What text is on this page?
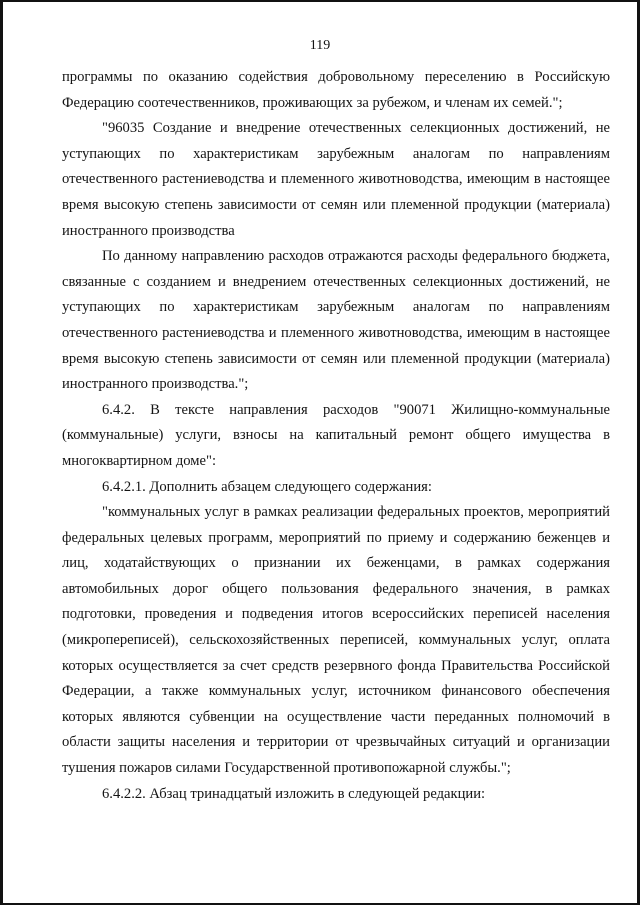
119

программы по оказанию содействия добровольному переселению в Российскую Федерацию соотечественников, проживающих за рубежом, и членам их семей.";

"96035 Создание и внедрение отечественных селекционных достижений, не уступающих по характеристикам зарубежным аналогам по направлениям отечественного растениеводства и племенного животноводства, имеющим в настоящее время высокую степень зависимости от семян или племенной продукции (материала) иностранного производства

По данному направлению расходов отражаются расходы федерального бюджета, связанные с созданием и внедрением отечественных селекционных достижений, не уступающих по характеристикам зарубежным аналогам по направлениям отечественного растениеводства и племенного животноводства, имеющим в настоящее время высокую степень зависимости от семян или племенной продукции (материала) иностранного производства.";

6.4.2. В тексте направления расходов "90071 Жилищно-коммунальные (коммунальные) услуги, взносы на капитальный ремонт общего имущества в многоквартирном доме":

6.4.2.1. Дополнить абзацем следующего содержания:

"коммунальных услуг в рамках реализации федеральных проектов, мероприятий федеральных целевых программ, мероприятий по приему и содержанию беженцев и лиц, ходатайствующих о признании их беженцами, в рамках содержания автомобильных дорог общего пользования федерального значения, в рамках подготовки, проведения и подведения итогов всероссийских переписей населения (микропереписей), сельскохозяйственных переписей, коммунальных услуг, оплата которых осуществляется за счет средств резервного фонда Правительства Российской Федерации, а также коммунальных услуг, источником финансового обеспечения которых являются субвенции на осуществление части переданных полномочий в области защиты населения и территории от чрезвычайных ситуаций и организации тушения пожаров силами Государственной противопожарной службы.";

6.4.2.2. Абзац тринадцатый изложить в следующей редакции:
